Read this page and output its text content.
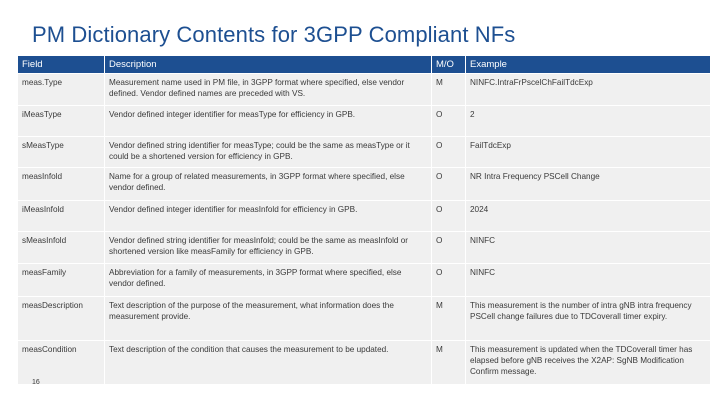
PM Dictionary Contents for 3GPP Compliant NFs
Field	Description	M/O	Example
meas.Type	Measurement name used in PM file, in 3GPP format where specified, else vendor defined. Vendor defined names are preceded with VS.	M	NINFC.IntraFrPscelChFailTdcExp
iMeasType	Vendor defined integer identifier for measType for efficiency in GPB.	O	2
sMeasType	Vendor defined string identifier for measType; could be the same as measType or it could be a shortened version for efficiency in GPB.	O	FailTdcExp
measInfold	Name for a group of related measurements, in 3GPP format where specified, else vendor defined.	O	NR Intra Frequency PSCell Change
iMeasInfold	Vendor defined integer identifier for measInfold for efficiency in GPB.	O	2024
sMeasInfold	Vendor defined string identifier for measInfold; could be the same as measInfold or shortened version like measFamily for efficiency in GPB.	O	NINFC
measFamily	Abbreviation for a family of measurements, in 3GPP format where specified, else vendor defined.	O	NINFC
measDescription	Text description of the purpose of the measurement, what information does the measurement provide.	M	This measurement is the number of intra gNB intra frequency PSCell change failures due to TDCoverall timer expiry.
measCondition	Text description of the condition that causes the measurement to be updated.	M	This measurement is updated when the TDCoverall timer has elapsed before gNB receives the X2AP: SgNB Modification Confirm message.
16
